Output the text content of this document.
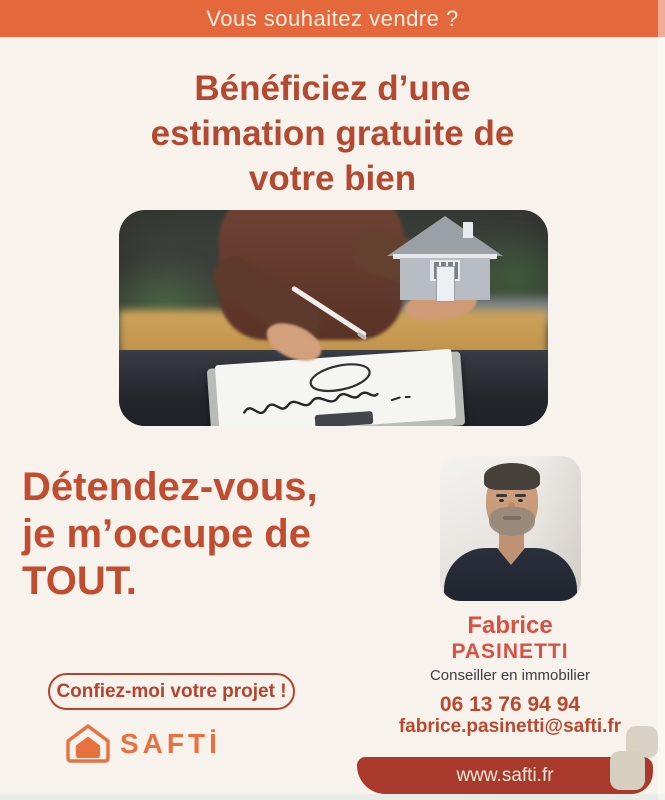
Vous souhaitez vendre ?
Bénéficiez d’une
estimation gratuite de
votre bien
Détendez-vous,
je m’occupe de
TOUT.
Fabrice
PASINETTI
Conseiller en immobilier
06 13 76 94 94
fabrice.pasinetti@safti.fr
Confiez-moi votre projet !
SAFTİ
www.safti.fr
